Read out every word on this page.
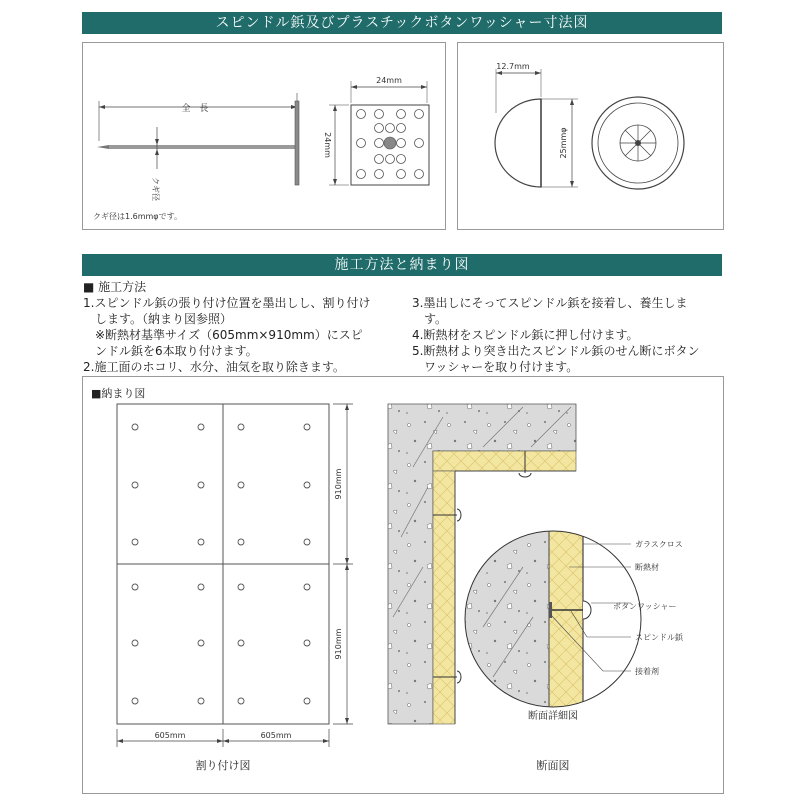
スピンドル鋲及びプラスチックボタンワッシャー寸法図
施工方法と納まり図
全　長
クギ径
24mm
24mm
クギ径は1.6mmφです。
12.7mm
25mmφ
■ 施工方法
1.スピンドル鋲の張り付け位置を墨出しし、割り付け
　します。（納まり図参照）
　※断熱材基準サイズ（605mm×910mm）にスピ
　ンドル鋲を6本取り付けます。
2.施工面のホコリ、水分、油気を取り除きます。
3.墨出しにそってスピンドル鋲を接着し、養生しま
　す。
4.断熱材をスピンドル鋲に押し付けます。
5.断熱材より突き出たスピンドル鋲のせん断にボタン
　ワッシャーを取り付けます。
■納まり図
910mm
910mm
605mm	605mm
割り付け図
ガラスクロス
断熱材
ボタンワッシャー
スピンドル鋲
接着剤
断面詳細図
断面図
